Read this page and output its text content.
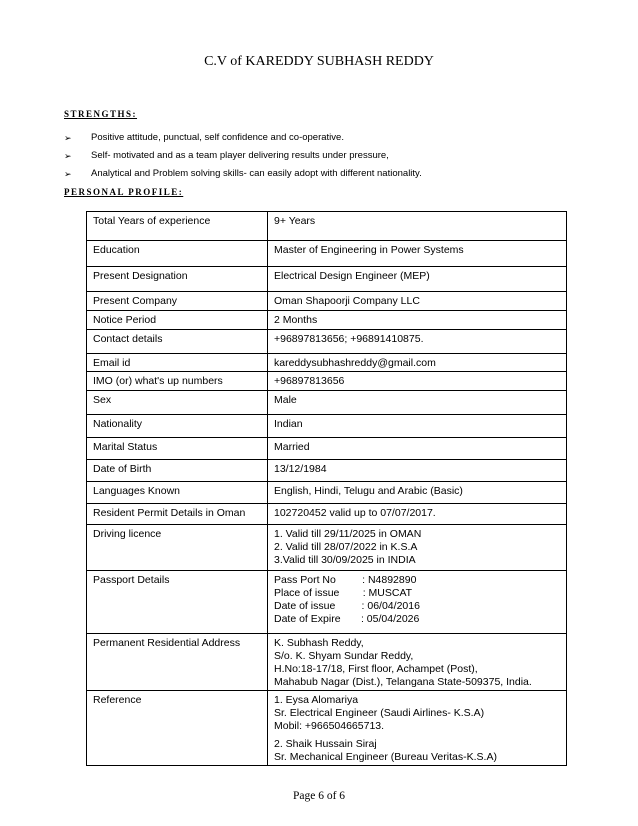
C.V of KAREDDY SUBHASH REDDY
STRENGTHS:
➢	Positive attitude, punctual, self confidence and co-operative.
➢	Self- motivated and as a team player delivering results under pressure,
➢	Analytical and Problem solving skills- can easily adopt with different nationality.
PERSONAL PROFILE:
Total Years of experience	9+ Years
Education	Master of Engineering in Power Systems
Present Designation	Electrical Design Engineer (MEP)
Present Company	Oman Shapoorji Company LLC
Notice Period	2 Months
Contact details	+96897813656; +96891410875.
Email id	kareddysubhashreddy@gmail.com
IMO (or) what's up numbers	+96897813656
Sex	Male
Nationality	Indian
Marital Status	Married
Date of Birth	13/12/1984
Languages Known	English, Hindi, Telugu and Arabic (Basic)
Resident Permit Details in Oman	102720452 valid up to 07/07/2017.
Driving licence	1. Valid till 29/11/2025 in OMAN
2. Valid till 28/07/2022 in K.S.A
3.Valid till 30/09/2025 in INDIA

Passport Details	Pass Port No         : N4892890
Place of issue        : MUSCAT
Date of issue         : 06/04/2016
Date of Expire       : 05/04/2026

Permanent Residential Address	K. Subhash Reddy,
S/o. K. Shyam Sundar Reddy,
H.No:18-17/18, First floor, Achampet (Post),
Mahabub Nagar (Dist.), Telangana State-509375, India.

Reference	1. Eysa Alomariya
Sr. Electrical Engineer (Saudi Airlines- K.S.A)
Mobil: +966504665713.
2. Shaik Hussain Siraj
Sr. Mechanical Engineer (Bureau Veritas-K.S.A)
Page 6 of 6
